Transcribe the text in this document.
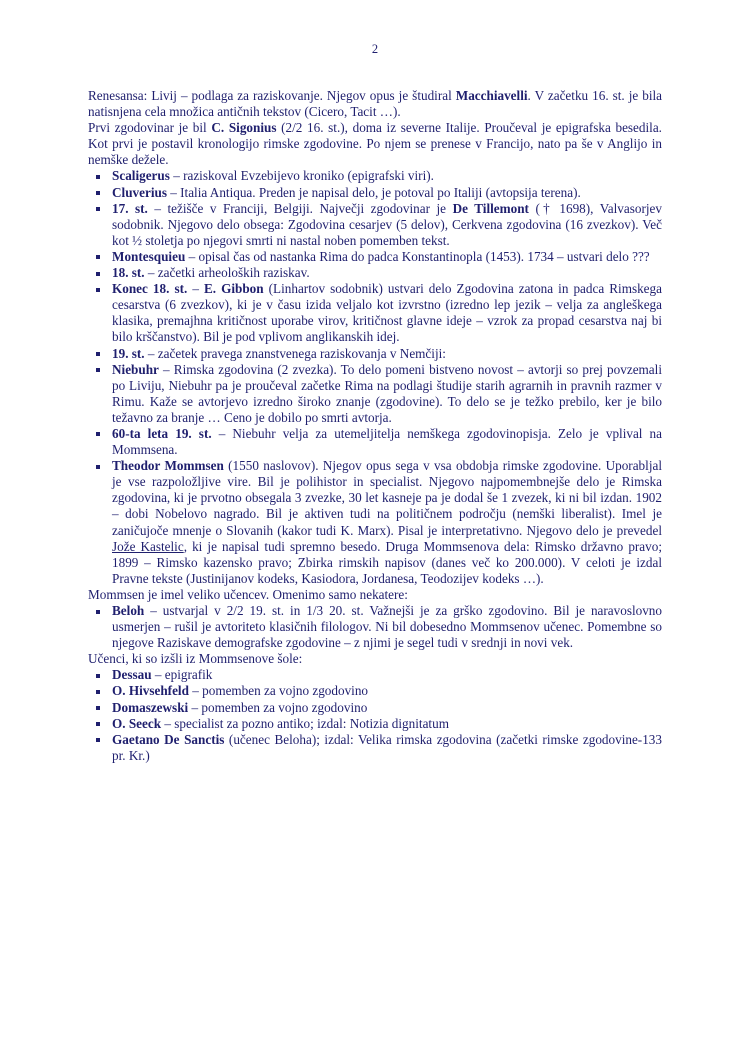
2

Renesansa: Livij – podlaga za raziskovanje. Njegov opus je študiral Macchiavelli. V začetku 16. st. je bila natisnjena cela množica antičnih tekstov (Cicero, Tacit …).

Prvi zgodovinar je bil C. Sigonius (2/2 16. st.), doma iz severne Italije. Proučeval je epigrafska besedila. Kot prvi je postavil kronologijo rimske zgodovine. Po njem se prenese v Francijo, nato pa še v Anglijo in nemške dežele.

Scaligerus – raziskoval Evzebijevo kroniko (epigrafski viri).
Cluverius – Italia Antiqua. Preden je napisal delo, je potoval po Italiji (avtopsija terena).
17. st. – težišče v Franciji, Belgiji. Največji zgodovinar je De Tillemont († 1698), Valvasorjev sodobnik. Njegovo delo obsega: Zgodovina cesarjev (5 delov), Cerkvena zgodovina (16 zvezkov). Več kot ½ stoletja po njegovi smrti ni nastal noben pomemben tekst.
Montesquieu – opisal čas od nastanka Rima do padca Konstantinopla (1453). 1734 – ustvari delo ???
18. st. – začetki arheoloških raziskav.
Konec 18. st. – E. Gibbon (Linhartov sodobnik) ustvari delo Zgodovina zatona in padca Rimskega cesarstva (6 zvezkov), ki je v času izida veljalo kot izvrstno (izredno lep jezik – velja za angleškega klasika, premajhna kritičnost uporabe virov, kritičnost glavne ideje – vzrok za propad cesarstva naj bi bilo krščanstvo). Bil je pod vplivom anglikanskih idej.
19. st. – začetek pravega znanstvenega raziskovanja v Nemčiji:
Niebuhr – Rimska zgodovina (2 zvezka). To delo pomeni bistveno novost – avtorji so prej povzemali po Liviju, Niebuhr pa je proučeval začetke Rima na podlagi študije starih agrarnih in pravnih razmer v Rimu. Kaže se avtorjevo izredno široko znanje (zgodovine). To delo se je težko prebilo, ker je bilo težavno za branje … Ceno je dobilo po smrti avtorja.
60-ta leta 19. st. – Niebuhr velja za utemeljitelja nemškega zgodovinopisja. Zelo je vplival na Mommsena.
Theodor Mommsen (1550 naslovov). Njegov opus sega v vsa obdobja rimske zgodovine. Uporabljal je vse razpoložljive vire. Bil je polihistor in specialist. Njegovo najpomembnejše delo je Rimska zgodovina, ki je prvotno obsegala 3 zvezke, 30 let kasneje pa je dodal še 1 zvezek, ki ni bil izdan. 1902 – dobi Nobelovo nagrado. Bil je aktiven tudi na političnem področju (nemški liberalist). Imel je zaničujoče mnenje o Slovanih (kakor tudi K. Marx). Pisal je interpretativno. Njegovo delo je prevedel Jože Kastelic, ki je napisal tudi spremno besedo. Druga Mommsenova dela: Rimsko državno pravo; 1899 – Rimsko kazensko pravo; Zbirka rimskih napisov (danes več ko 200.000). V celoti je izdal Pravne tekste (Justinijanov kodeks, Kasiodora, Jordanesa, Teodozijev kodeks …).

Mommsen je imel veliko učencev. Omenimo samo nekatere:

Beloh – ustvarjal v 2/2 19. st. in 1/3 20. st. Važnejši je za grško zgodovino. Bil je naravoslovno usmerjen – rušil je avtoriteto klasičnih filologov. Ni bil dobesedno Mommsenov učenec. Pomembne so njegove Raziskave demografske zgodovine – z njimi je segel tudi v srednji in novi vek.

Učenci, ki so izšli iz Mommsenove šole:

Dessau – epigrafik
O. Hivsehfeld – pomemben za vojno zgodovino
Domaszewski – pomemben za vojno zgodovino
O. Seeck – specialist za pozno antiko; izdal: Notizia dignitatum
Gaetano De Sanctis (učenec Beloha); izdal: Velika rimska zgodovina (začetki rimske zgodovine-133 pr. Kr.)
